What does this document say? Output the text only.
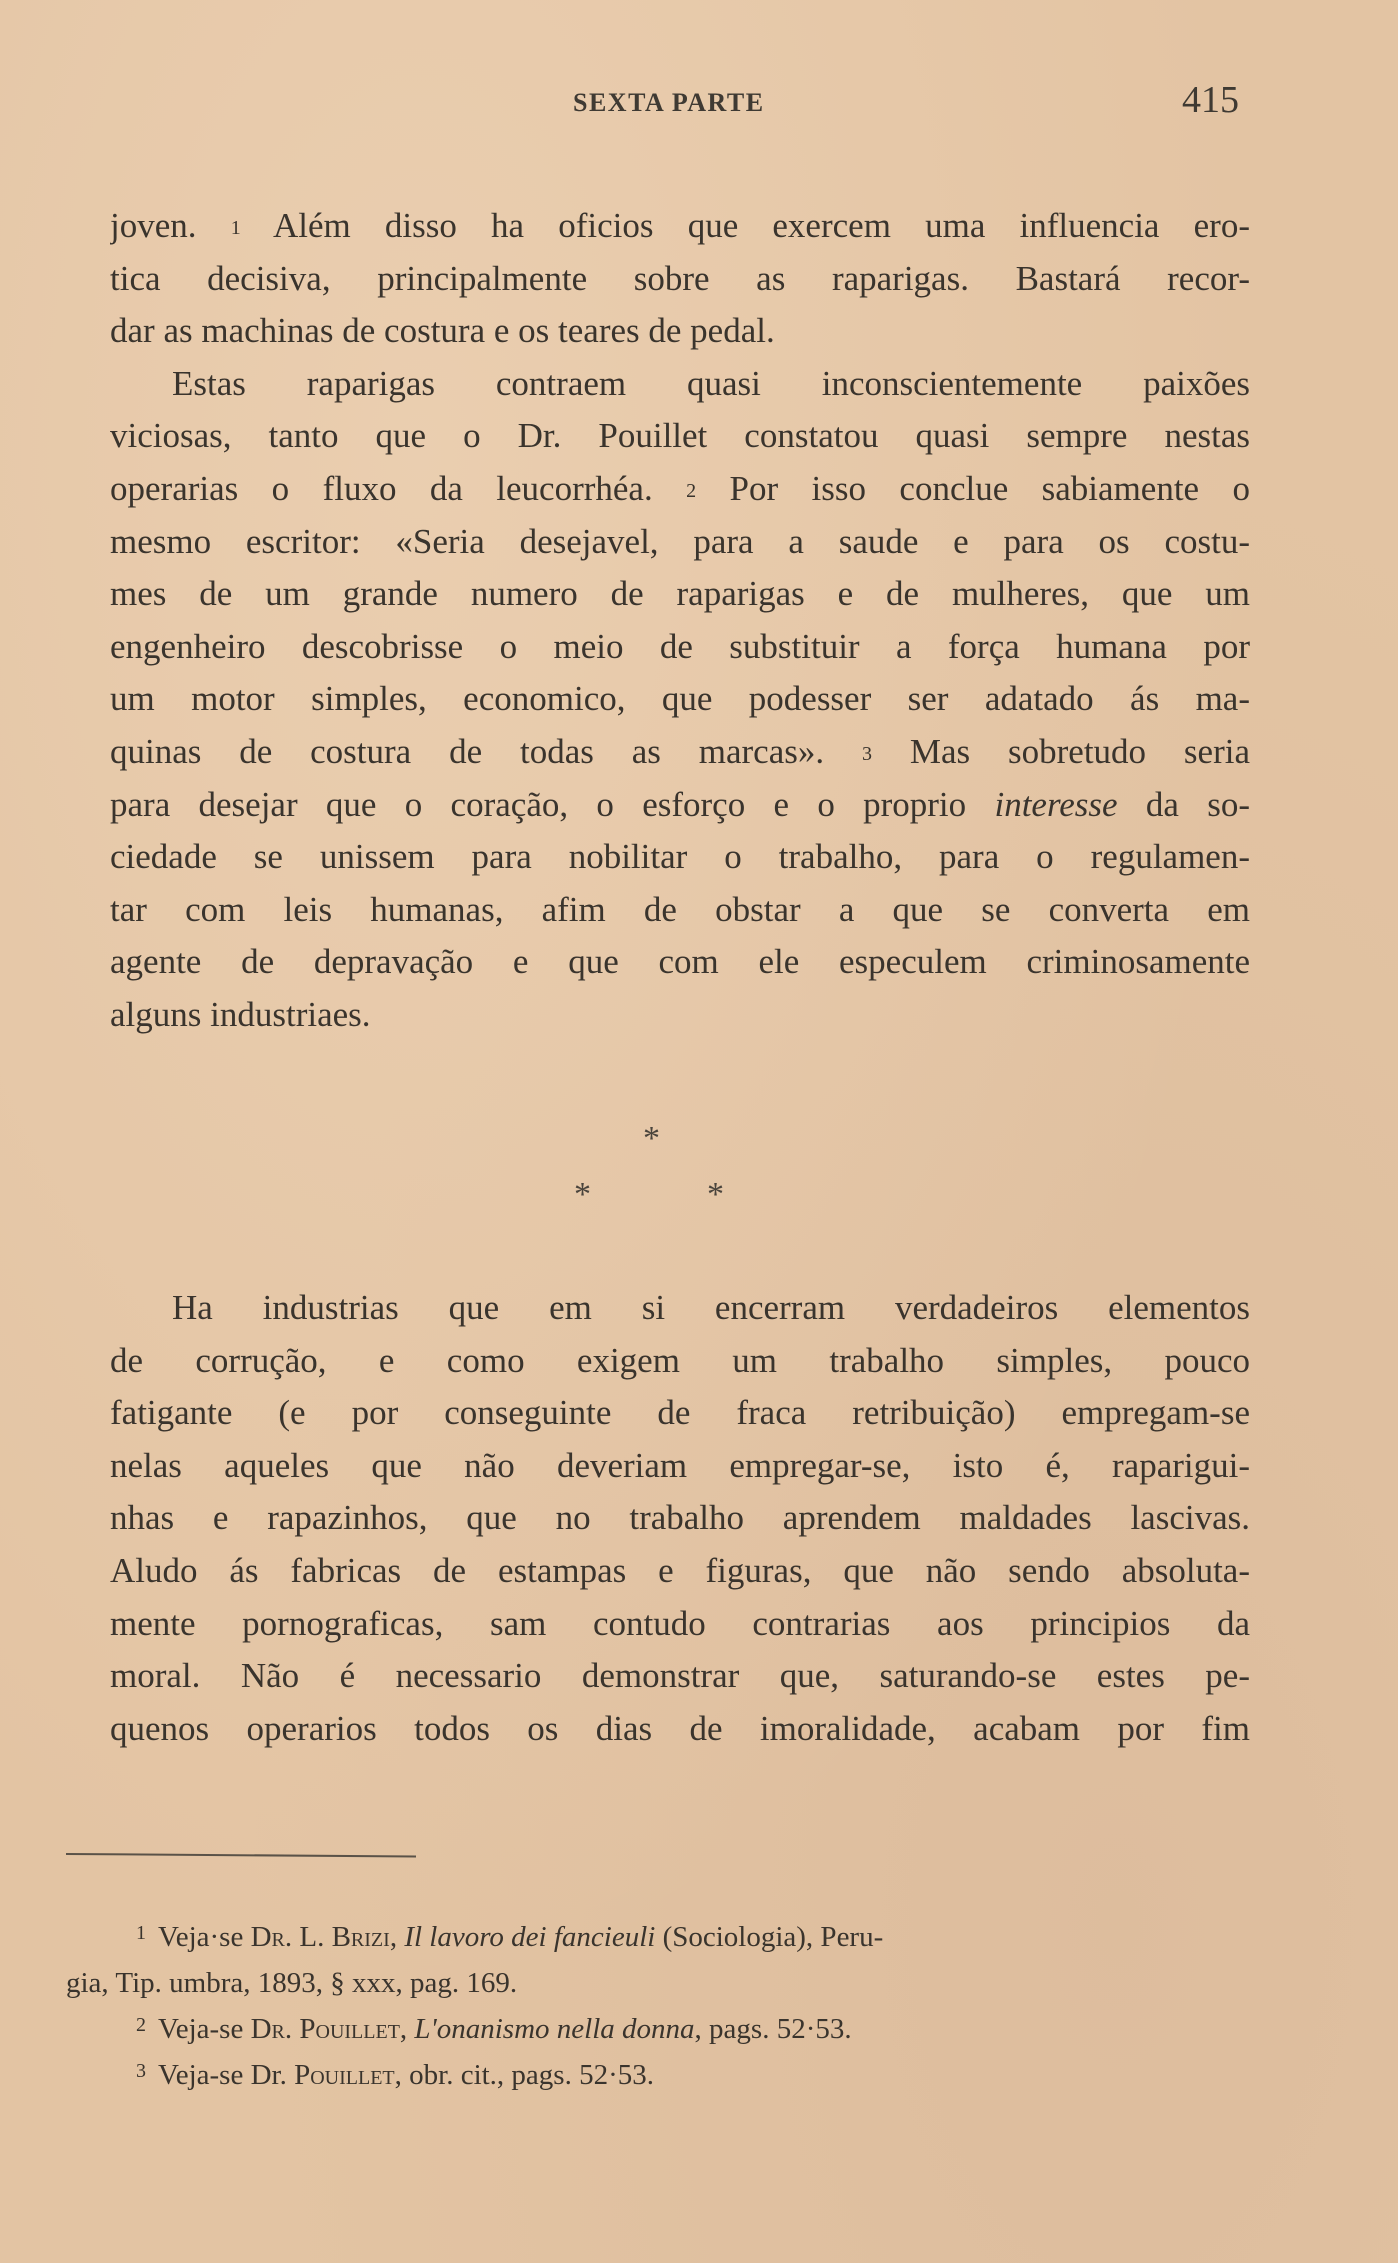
SEXTA PARTE	415
joven. $^1$ Além disso ha oficios que exercem uma influencia ero-
tica decisiva, principalmente sobre as raparigas. Bastará recor-
dar as machinas de costura e os teares de pedal.
Estas raparigas contraem quasi inconscientemente paixões
viciosas, tanto que o Dr. Pouillet constatou quasi sempre nestas
operarias o fluxo da leucorrhéa. $^2$ Por isso conclue sabiamente o
mesmo escritor: «Seria desejavel, para a saude e para os costu-
mes de um grande numero de raparigas e de mulheres, que um
engenheiro descobrisse o meio de substituir a força humana por
um motor simples, economico, que podesser ser adatado ás ma-
quinas de costura de todas as marcas». $^3$ Mas sobretudo seria
para desejar que o coração, o esforço e o proprio interesse da so-
ciedade se unissem para nobilitar o trabalho, para o regulamen-
tar com leis humanas, afim de obstar a que se converta em
agente de depravação e que com ele especulem criminosamente
alguns industriaes.
*
*	*
Ha industrias que em si encerram verdadeiros elementos
de corrução, e como exigem um trabalho simples, pouco
fatigante (e por conseguinte de fraca retribuição) empregam-se
nelas aqueles que não deveriam empregar-se, isto é, raparigui-
nhas e rapazinhos, que no trabalho aprendem maldades lascivas.
Aludo ás fabricas de estampas e figuras, que não sendo absoluta-
mente pornograficas, sam contudo contrarias aos principios da
moral. Não é necessario demonstrar que, saturando-se estes pe-
quenos operarios todos os dias de imoralidade, acabam por fim
1 Veja·se Dr. L. Brizi, Il lavoro dei fancieuli (Sociologia), Peru-
gia, Tip. umbra, 1893, § xxx, pag. 169.
2 Veja-se Dr. Pouillet, L'onanismo nella donna, pags. 52·53.
3 Veja-se Dr. Pouillet, obr. cit., pags. 52·53.
